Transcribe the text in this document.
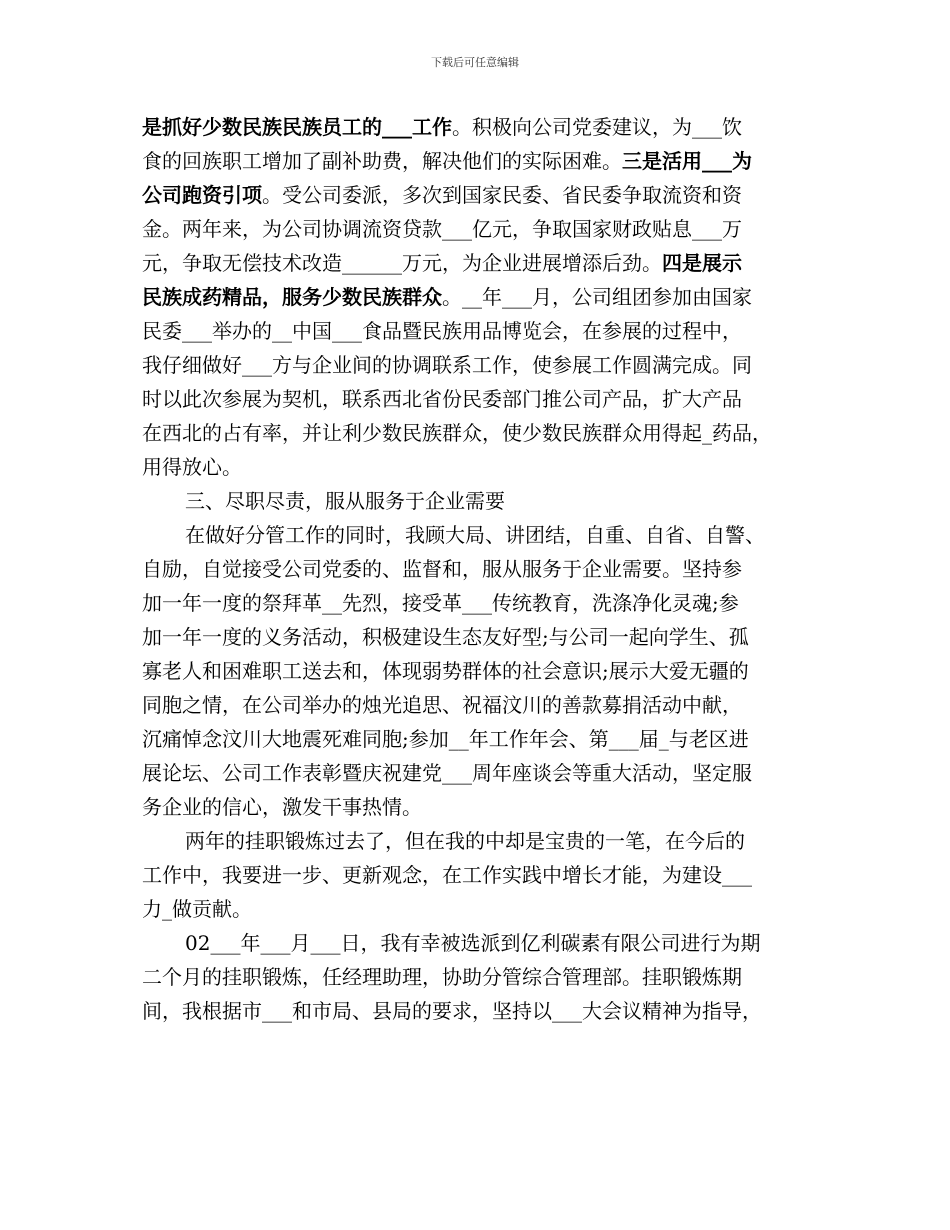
下载后可任意编辑

是抓好少数民族民族员工的___工作。积极向公司党委建议，为___饮
食的回族职工增加了副补助费，解决他们的实际困难。三是活用___为
公司跑资引项。受公司委派，多次到国家民委、省民委争取流资和资
金。两年来，为公司协调流资贷款___亿元，争取国家财政贴息___万
元，争取无偿技术改造______万元，为企业进展增添后劲。四是展示
民族成药精品，服务少数民族群众。__年___月，公司组团参加由国家
民委___举办的__中国___食品暨民族用品博览会，在参展的过程中，
我仔细做好___方与企业间的协调联系工作，使参展工作圆满完成。同
时以此次参展为契机，联系西北省份民委部门推公司产品，扩大产品
在西北的占有率，并让利少数民族群众，使少数民族群众用得起_药品，
用得放心。

三、尽职尽责，服从服务于企业需要

在做好分管工作的同时，我顾大局、讲团结，自重、自省、自警、
自励，自觉接受公司党委的、监督和，服从服务于企业需要。坚持参
加一年一度的祭拜革__先烈，接受革___传统教育，洗涤净化灵魂;参
加一年一度的义务活动，积极建设生态友好型;与公司一起向学生、孤
寡老人和困难职工送去和，体现弱势群体的社会意识;展示大爱无疆的
同胞之情，在公司举办的烛光追思、祝福汶川的善款募捐活动中献，
沉痛悼念汶川大地震死难同胞;参加__年工作年会、第___届_与老区进
展论坛、公司工作表彰暨庆祝建党___周年座谈会等重大活动，坚定服
务企业的信心，激发干事热情。

两年的挂职锻炼过去了，但在我的中却是宝贵的一笔，在今后的
工作中，我要进一步、更新观念，在工作实践中增长才能，为建设___
力_做贡献。

02___年___月___日，我有幸被选派到亿利碳素有限公司进行为期
二个月的挂职锻炼，任经理助理，协助分管综合管理部。挂职锻炼期
间，我根据市___和市局、县局的要求，坚持以___大会议精神为指导，
